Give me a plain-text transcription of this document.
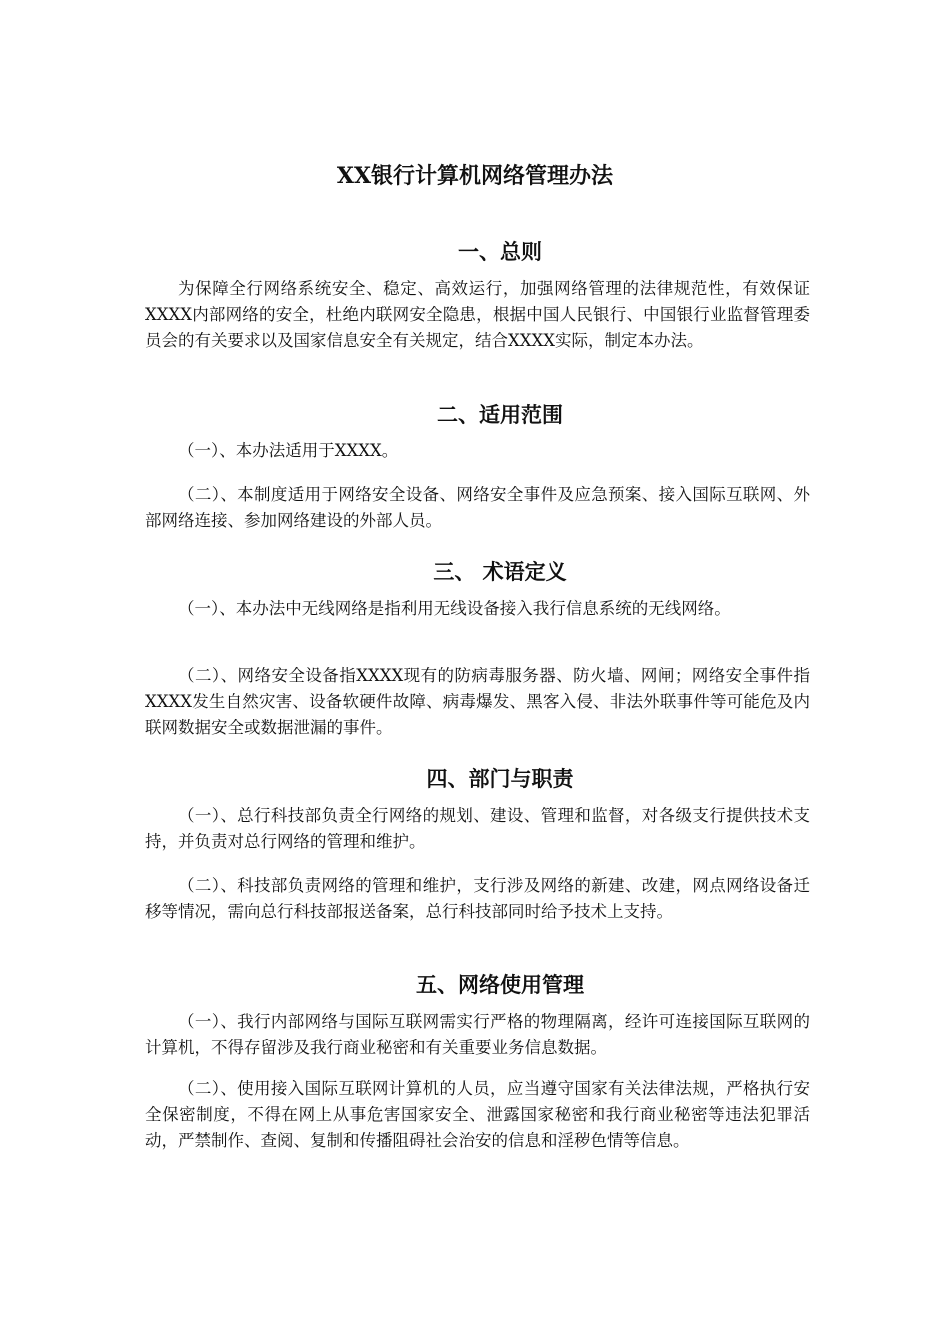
XX银行计算机网络管理办法
一、总则

为保障全行网络系统安全、稳定、高效运行，加强网络管理的法律规范性，有效保证XXXX内部网络的安全，杜绝内联网安全隐患，根据中国人民银行、中国银行业监督管理委员会的有关要求以及国家信息安全有关规定，结合XXXX实际，制定本办法。

二、适用范围

（一）、本办法适用于XXXX。

（二）、本制度适用于网络安全设备、网络安全事件及应急预案、接入国际互联网、外部网络连接、参加网络建设的外部人员。

三、 术语定义

（一）、本办法中无线网络是指利用无线设备接入我行信息系统的无线网络。

（二）、网络安全设备指XXXX现有的防病毒服务器、防火墙、网闸；网络安全事件指XXXX发生自然灾害、设备软硬件故障、病毒爆发、黑客入侵、非法外联事件等可能危及内联网数据安全或数据泄漏的事件。

四、部门与职责

（一）、总行科技部负责全行网络的规划、建设、管理和监督，对各级支行提供技术支持，并负责对总行网络的管理和维护。

（二）、科技部负责网络的管理和维护，支行涉及网络的新建、改建，网点网络设备迁移等情况，需向总行科技部报送备案，总行科技部同时给予技术上支持。

五、网络使用管理

（一）、我行内部网络与国际互联网需实行严格的物理隔离，经许可连接国际互联网的计算机，不得存留涉及我行商业秘密和有关重要业务信息数据。

（二）、使用接入国际互联网计算机的人员，应当遵守国家有关法律法规，严格执行安全保密制度，不得在网上从事危害国家安全、泄露国家秘密和我行商业秘密等违法犯罪活动，严禁制作、查阅、复制和传播阻碍社会治安的信息和淫秽色情等信息。
